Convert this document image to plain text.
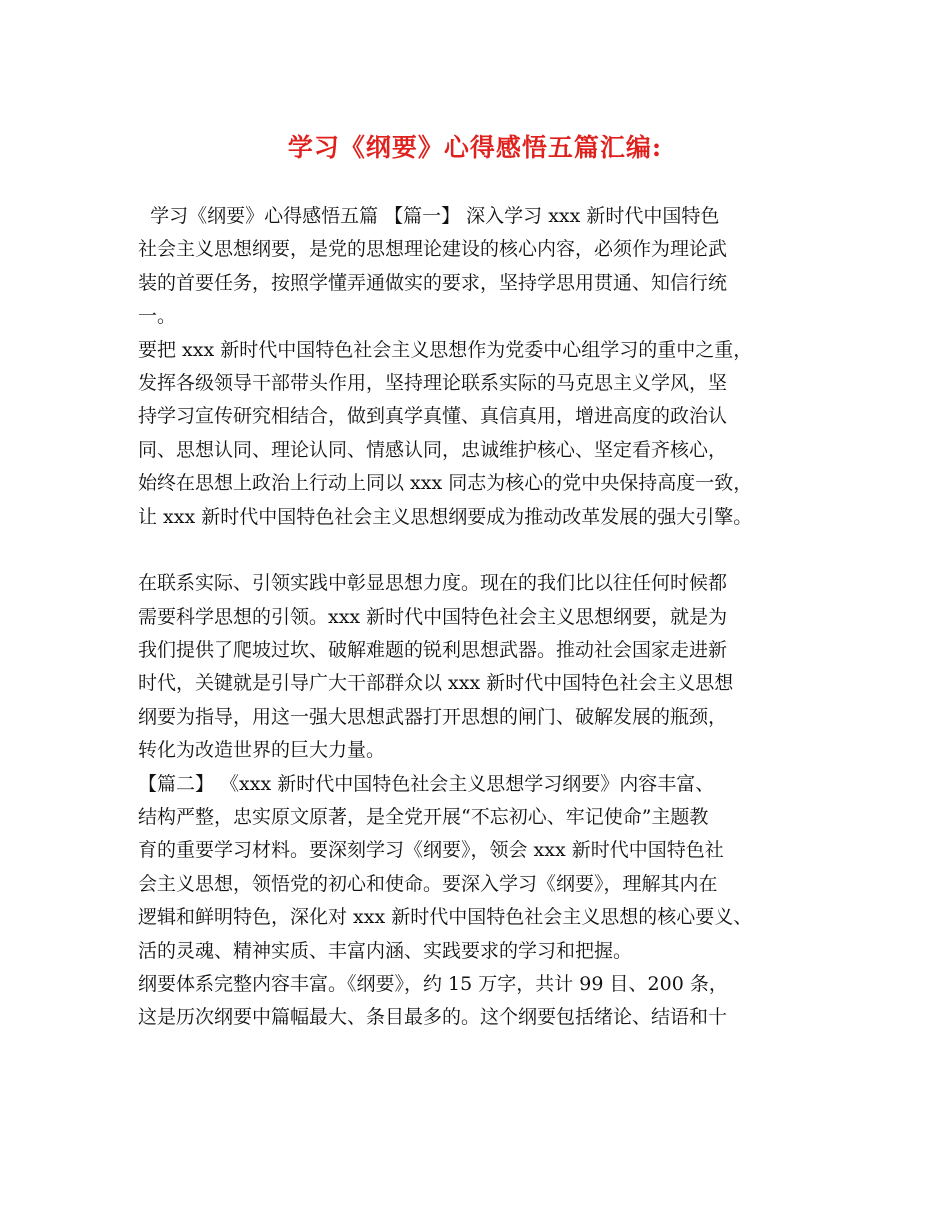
学习《纲要》心得感悟五篇汇编:
学习《纲要》心得感悟五篇 【篇一】 深入学习 xxx 新时代中国特色
社会主义思想纲要，是党的思想理论建设的核心内容，必须作为理论武
装的首要任务，按照学懂弄通做实的要求，坚持学思用贯通、知信行统
一。
要把 xxx 新时代中国特色社会主义思想作为党委中心组学习的重中之重，
发挥各级领导干部带头作用，坚持理论联系实际的马克思主义学风，坚
持学习宣传研究相结合，做到真学真懂、真信真用，增进高度的政治认
同、思想认同、理论认同、情感认同，忠诚维护核心、坚定看齐核心，
始终在思想上政治上行动上同以 xxx 同志为核心的党中央保持高度一致，
让 xxx 新时代中国特色社会主义思想纲要成为推动改革发展的强大引擎。
在联系实际、引领实践中彰显思想力度。现在的我们比以往任何时候都
需要科学思想的引领。xxx 新时代中国特色社会主义思想纲要，就是为
我们提供了爬坡过坎、破解难题的锐利思想武器。推动社会国家走进新
时代，关键就是引导广大干部群众以 xxx 新时代中国特色社会主义思想
纲要为指导，用这一强大思想武器打开思想的闸门、破解发展的瓶颈，
转化为改造世界的巨大力量。
【篇二】 《xxx 新时代中国特色社会主义思想学习纲要》内容丰富、
结构严整，忠实原文原著，是全党开展“不忘初心、牢记使命”主题教
育的重要学习材料。要深刻学习《纲要》，领会 xxx 新时代中国特色社
会主义思想，领悟党的初心和使命。要深入学习《纲要》，理解其内在
逻辑和鲜明特色，深化对 xxx 新时代中国特色社会主义思想的核心要义、
活的灵魂、精神实质、丰富内涵、实践要求的学习和把握。
纲要体系完整内容丰富。《纲要》，约 15 万字，共计 99 目、200 条，
这是历次纲要中篇幅最大、条目最多的。这个纲要包括绪论、结语和十
